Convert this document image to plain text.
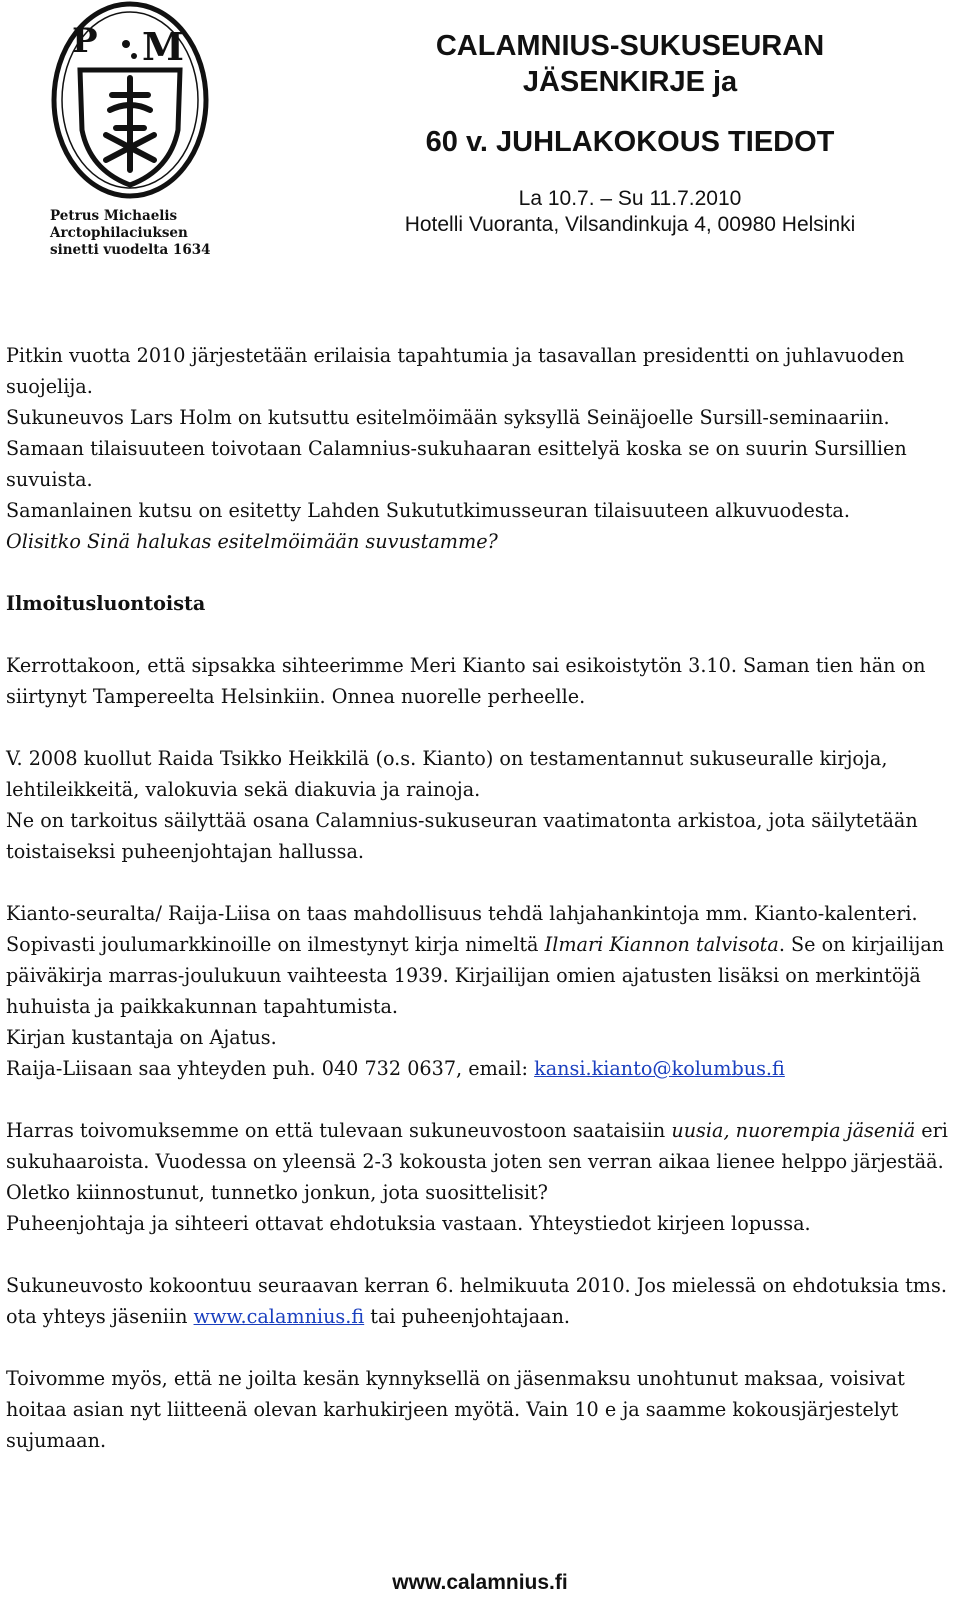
P M
Petrus Michaelis
Arctophilaciuksen
sinetti vuodelta 1634
CALAMNIUS-SUKUSEURAN
JÄSENKIRJE ja
60 v. JUHLAKOKOUS TIEDOT
La 10.7. – Su 11.7.2010
Hotelli Vuoranta, Vilsandinkuja 4, 00980 Helsinki

Pitkin vuotta 2010 järjestetään erilaisia tapahtumia ja tasavallan presidentti on juhlavuoden suojelija.

Sukuneuvos Lars Holm on kutsuttu esitelmöimään syksyllä Seinäjoelle Sursill-seminaariin. Samaan tilaisuuteen toivotaan Calamnius-sukuhaaran esittelyä koska se on suurin Sursillien suvuista.

Samanlainen kutsu on esitetty Lahden Sukututkimusseuran tilaisuuteen alkuvuodesta.

Olisitko Sinä halukas esitelmöimään suvustamme?

Ilmoitusluontoista

Kerrottakoon, että sipsakka sihteerimme Meri Kianto sai esikoistytön 3.10. Saman tien hän on siirtynyt Tampereelta Helsinkiin. Onnea nuorelle perheelle.

V. 2008 kuollut Raida Tsikko Heikkilä (o.s. Kianto) on testamentannut sukuseuralle kirjoja, lehtileikkeitä, valokuvia sekä diakuvia ja rainoja.

Ne on tarkoitus säilyttää osana Calamnius-sukuseuran vaatimatonta arkistoa, jota säilytetään toistaiseksi puheenjohtajan hallussa.

Kianto-seuralta/ Raija-Liisa on taas mahdollisuus tehdä lahjahankintoja mm. Kianto-kalenteri. Sopivasti joulumarkkinoille on ilmestynyt kirja nimeltä Ilmari Kiannon talvisota. Se on kirjailijan päiväkirja marras-joulukuun vaihteesta 1939. Kirjailijan omien ajatusten lisäksi on merkintöjä huhuista ja paikkakunnan tapahtumista.

Kirjan kustantaja on Ajatus.

Raija-Liisaan saa yhteyden puh. 040 732 0637, email: kansi.kianto@kolumbus.fi

Harras toivomuksemme on että tulevaan sukuneuvostoon saataisiin uusia, nuorempia jäseniä eri sukuhaaroista. Vuodessa on yleensä 2-3 kokousta joten sen verran aikaa lienee helppo järjestää.

Oletko kiinnostunut, tunnetko jonkun, jota suosittelisit?

Puheenjohtaja ja sihteeri ottavat ehdotuksia vastaan. Yhteystiedot kirjeen lopussa.

Sukuneuvosto kokoontuu seuraavan kerran 6. helmikuuta 2010. Jos mielessä on ehdotuksia tms. ota yhteys jäseniin www.calamnius.fi tai puheenjohtajaan.

Toivomme myös, että ne joilta kesän kynnyksellä on jäsenmaksu unohtunut maksaa, voisivat hoitaa asian nyt liitteenä olevan karhukirjeen myötä. Vain 10 e ja saamme kokousjärjestelyt sujumaan.

www.calamnius.fi
